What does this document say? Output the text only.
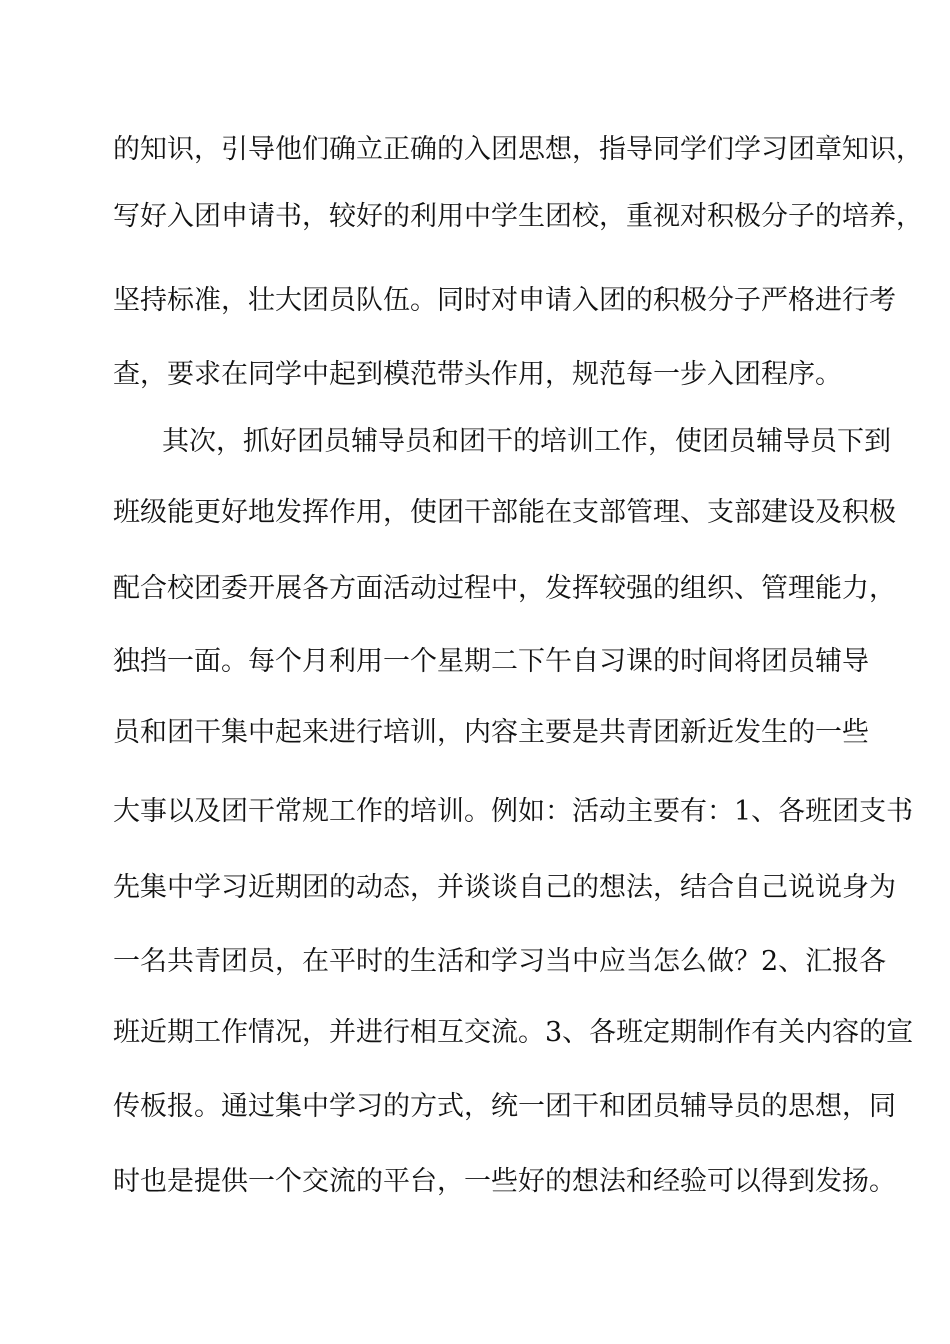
的知识，引导他们确立正确的入团思想，指导同学们学习团章知识，
写好入团申请书，较好的利用中学生团校，重视对积极分子的培养，
坚持标准，壮大团员队伍。同时对申请入团的积极分子严格进行考
查，要求在同学中起到模范带头作用，规范每一步入团程序。
其次，抓好团员辅导员和团干的培训工作，使团员辅导员下到
班级能更好地发挥作用，使团干部能在支部管理、支部建设及积极
配合校团委开展各方面活动过程中，发挥较强的组织、管理能力，
独挡一面。每个月利用一个星期二下午自习课的时间将团员辅导
员和团干集中起来进行培训，内容主要是共青团新近发生的一些
大事以及团干常规工作的培训。例如：活动主要有：1、各班团支书
先集中学习近期团的动态，并谈谈自己的想法，结合自己说说身为
一名共青团员，在平时的生活和学习当中应当怎么做？2、汇报各
班近期工作情况，并进行相互交流。3、各班定期制作有关内容的宣
传板报。通过集中学习的方式，统一团干和团员辅导员的思想，同
时也是提供一个交流的平台，一些好的想法和经验可以得到发扬。
